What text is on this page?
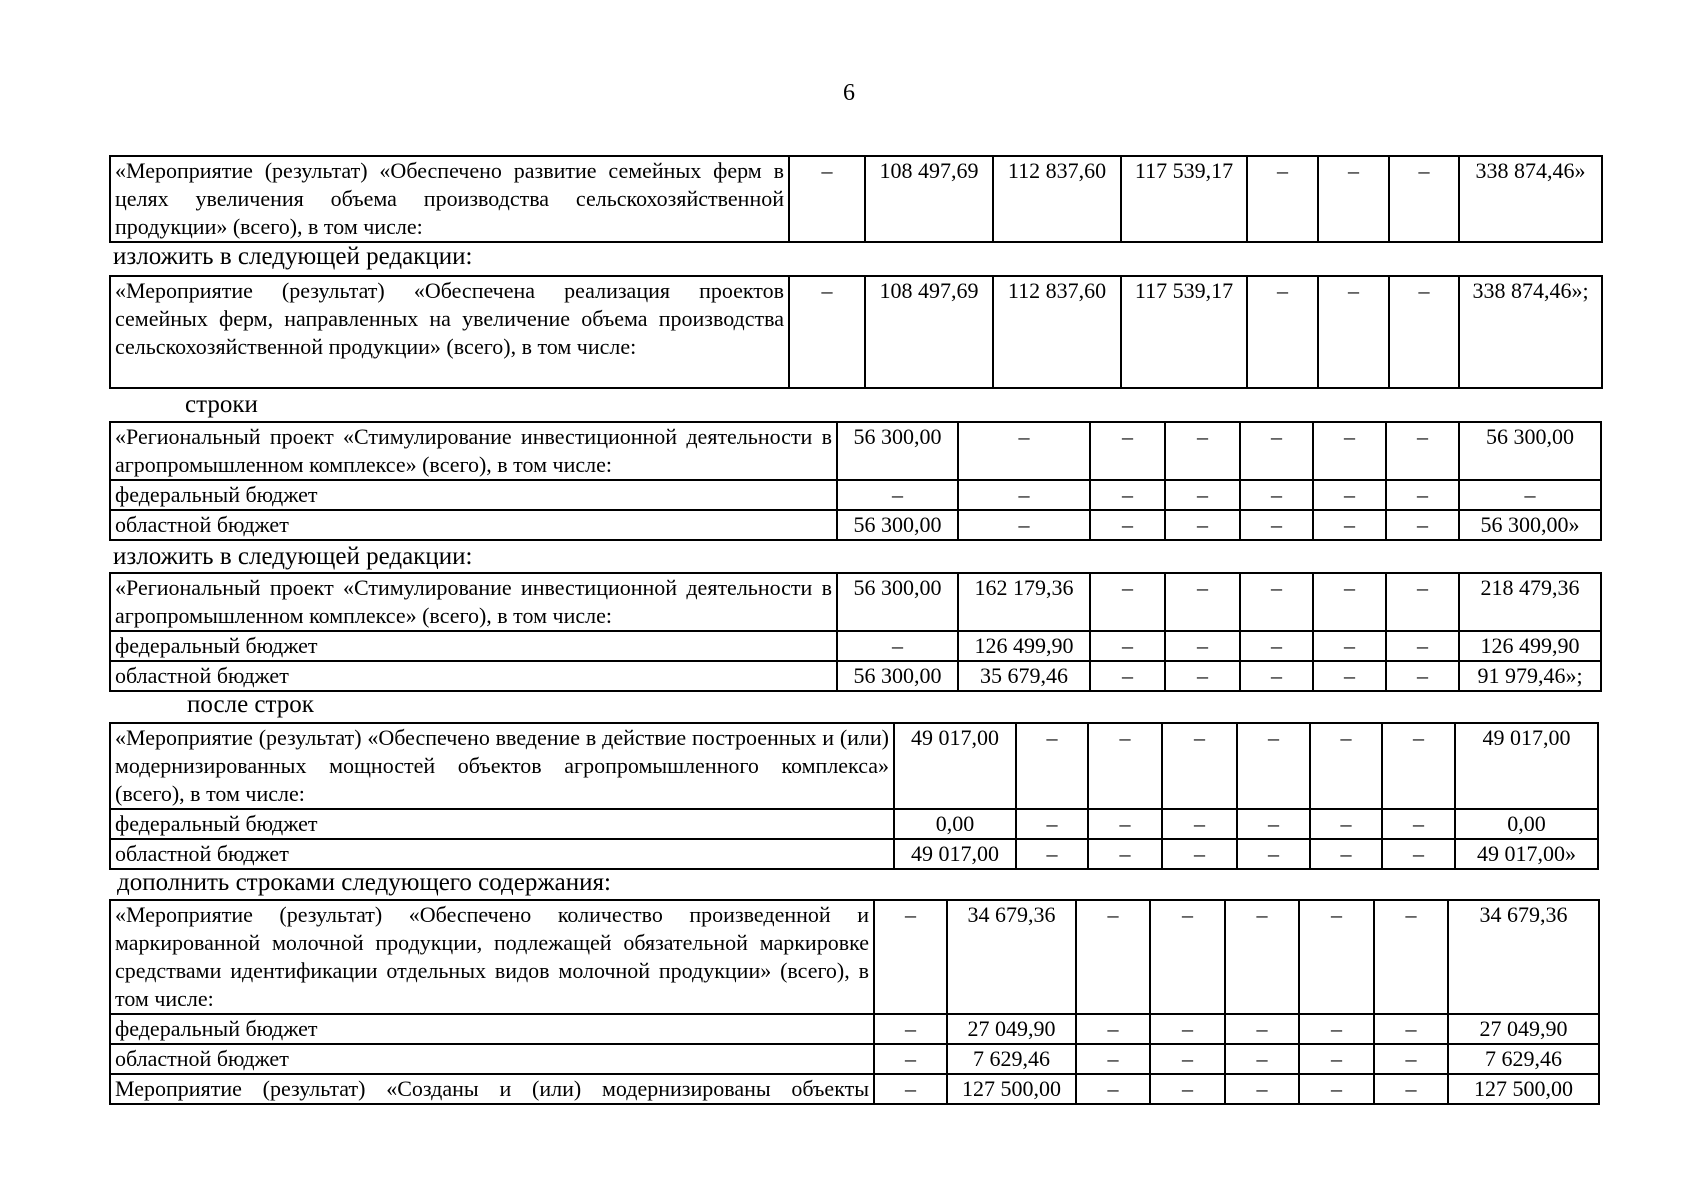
6
«Мероприятие (результат) «Обеспечено развитие семейных ферм в целях увеличения объема производства сельскохозяйственной продукции» (всего), в том числе:	–	108 497,69	112 837,60	117 539,17	–	–	–	338 874,46»
изложить в следующей редакции:
«Мероприятие (результат) «Обеспечена реализация проектов семейных ферм, направленных на увеличение объема производства сельскохозяйственной продукции» (всего), в том числе:	–	108 497,69	112 837,60	117 539,17	–	–	–	338 874,46»;
строки
«Региональный проект «Стимулирование инвестиционной деятельности в агропромышленном комплексе» (всего), в том числе:	56 300,00	–	–	–	–	–	–	56 300,00
федеральный бюджет	–	–	–	–	–	–	–	–
областной бюджет	56 300,00	–	–	–	–	–	–	56 300,00»
изложить в следующей редакции:
«Региональный проект «Стимулирование инвестиционной деятельности в агропромышленном комплексе» (всего), в том числе:	56 300,00	162 179,36	–	–	–	–	–	218 479,36
федеральный бюджет	–	126 499,90	–	–	–	–	–	126 499,90
областной бюджет	56 300,00	35 679,46	–	–	–	–	–	91 979,46»;
после строк
«Мероприятие (результат) «Обеспечено введение в действие построенных и (или) модернизированных мощностей объектов агропромышленного комплекса» (всего), в том числе:	49 017,00	–	–	–	–	–	–	49 017,00
федеральный бюджет	0,00	–	–	–	–	–	–	0,00
областной бюджет	49 017,00	–	–	–	–	–	–	49 017,00»
дополнить строками следующего содержания:
«Мероприятие (результат) «Обеспечено количество произведенной и маркированной молочной продукции, подлежащей обязательной маркировке средствами идентификации отдельных видов молочной продукции» (всего), в том числе:	–	34 679,36	–	–	–	–	–	34 679,36
федеральный бюджет	–	27 049,90	–	–	–	–	–	27 049,90
областной бюджет	–	7 629,46	–	–	–	–	–	7 629,46
Мероприятие (результат) «Созданы и (или) модернизированы объекты	–	127 500,00	–	–	–	–	–	127 500,00
